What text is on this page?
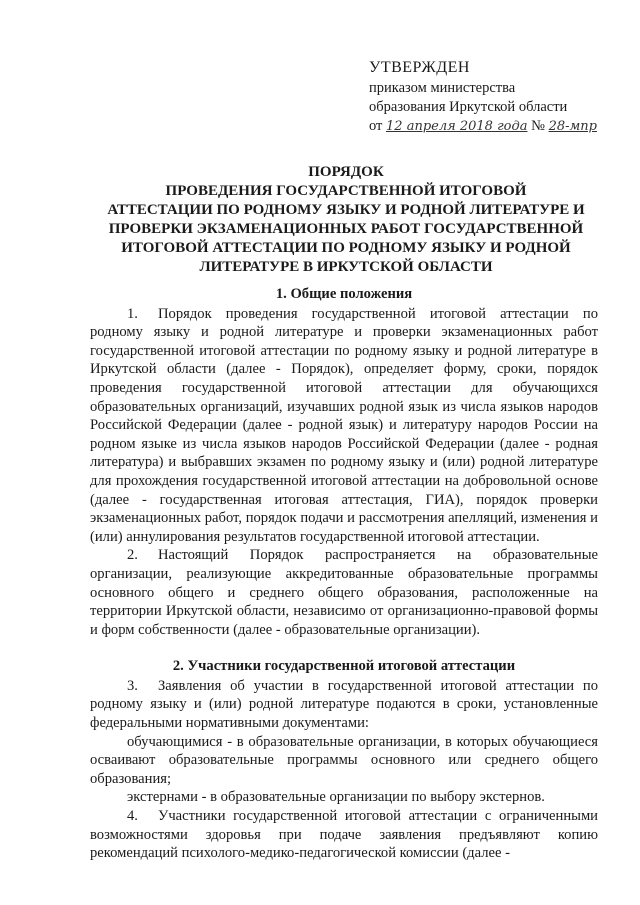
УТВЕРЖДЕН
приказом министерства
образования Иркутской области
от 12 апреля 2018 года № 28-мпр
ПОРЯДОК
ПРОВЕДЕНИЯ ГОСУДАРСТВЕННОЙ ИТОГОВОЙ
АТТЕСТАЦИИ ПО РОДНОМУ ЯЗЫКУ И РОДНОЙ ЛИТЕРАТУРЕ И
ПРОВЕРКИ ЭКЗАМЕНАЦИОННЫХ РАБОТ ГОСУДАРСТВЕННОЙ
ИТОГОВОЙ АТТЕСТАЦИИ ПО РОДНОМУ ЯЗЫКУ И РОДНОЙ
ЛИТЕРАТУРЕ В ИРКУТСКОЙ ОБЛАСТИ
1. Общие положения

1. Порядок проведения государственной итоговой аттестации по родному языку и родной литературе и проверки экзаменационных работ государственной итоговой аттестации по родному языку и родной литературе в Иркутской области (далее - Порядок), определяет форму, сроки, порядок проведения государственной итоговой аттестации для обучающихся образовательных организаций, изучавших родной язык из числа языков народов Российской Федерации (далее - родной язык) и литературу народов России на родном языке из числа языков народов Российской Федерации (далее - родная литература) и выбравших экзамен по родному языку и (или) родной литературе для прохождения государственной итоговой аттестации на добровольной основе (далее - государственная итоговая аттестация, ГИА), порядок проверки экзаменационных работ, порядок подачи и рассмотрения апелляций, изменения и (или) аннулирования результатов государственной итоговой аттестации.

2. Настоящий Порядок распространяется на образовательные организации, реализующие аккредитованные образовательные программы основного общего и среднего общего образования, расположенные на территории Иркутской области, независимо от организационно-правовой формы и форм собственности (далее - образовательные организации).

2. Участники государственной итоговой аттестации

3. Заявления об участии в государственной итоговой аттестации по родному языку и (или) родной литературе подаются в сроки, установленные федеральными нормативными документами:

обучающимися - в образовательные организации, в которых обучающиеся осваивают образовательные программы основного или среднего общего образования;

экстернами - в образовательные организации по выбору экстернов.

4. Участники государственной итоговой аттестации с ограниченными возможностями здоровья при подаче заявления предъявляют копию рекомендаций психолого-медико-педагогической комиссии (далее -
